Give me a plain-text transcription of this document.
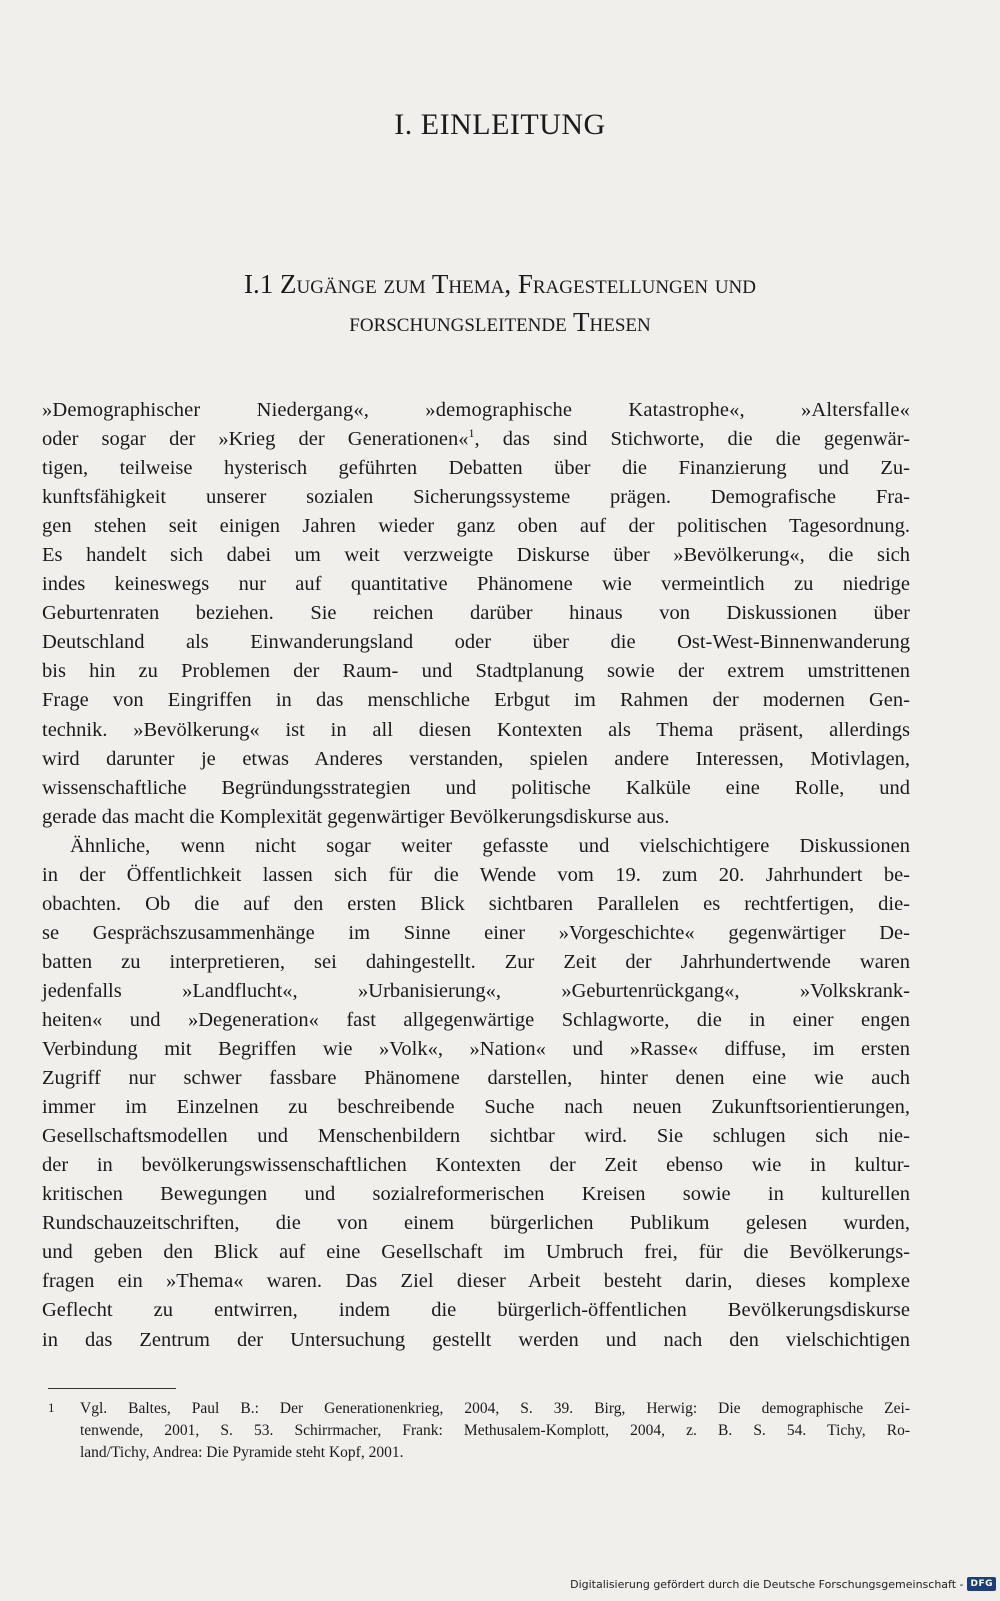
I. EINLEITUNG
I.1 Zugänge zum Thema, Fragestellungen und
forschungsleitende Thesen
»Demographischer Niedergang«, »demographische Katastrophe«, »Altersfalle«
oder sogar der »Krieg der Generationen«$^1$, das sind Stichworte, die die gegenwär-
tigen, teilweise hysterisch geführten Debatten über die Finanzierung und Zu-
kunftsfähigkeit unserer sozialen Sicherungssysteme prägen. Demografische Fra-
gen stehen seit einigen Jahren wieder ganz oben auf der politischen Tagesordnung.
Es handelt sich dabei um weit verzweigte Diskurse über »Bevölkerung«, die sich
indes keineswegs nur auf quantitative Phänomene wie vermeintlich zu niedrige
Geburtenraten beziehen. Sie reichen darüber hinaus von Diskussionen über
Deutschland als Einwanderungsland oder über die Ost-West-Binnenwanderung
bis hin zu Problemen der Raum- und Stadtplanung sowie der extrem umstrittenen
Frage von Eingriffen in das menschliche Erbgut im Rahmen der modernen Gen-
technik. »Bevölkerung« ist in all diesen Kontexten als Thema präsent, allerdings
wird darunter je etwas Anderes verstanden, spielen andere Interessen, Motivlagen,
wissenschaftliche Begründungsstrategien und politische Kalküle eine Rolle, und
gerade das macht die Komplexität gegenwärtiger Bevölkerungsdiskurse aus.
Ähnliche, wenn nicht sogar weiter gefasste und vielschichtigere Diskussionen
in der Öffentlichkeit lassen sich für die Wende vom 19. zum 20. Jahrhundert be-
obachten. Ob die auf den ersten Blick sichtbaren Parallelen es rechtfertigen, die-
se Gesprächszusammenhänge im Sinne einer »Vorgeschichte« gegenwärtiger De-
batten zu interpretieren, sei dahingestellt. Zur Zeit der Jahrhundertwende waren
jedenfalls »Landflucht«, »Urbanisierung«, »Geburtenrückgang«, »Volkskrank-
heiten« und »Degeneration« fast allgegenwärtige Schlagworte, die in einer engen
Verbindung mit Begriffen wie »Volk«, »Nation« und »Rasse« diffuse, im ersten
Zugriff nur schwer fassbare Phänomene darstellen, hinter denen eine wie auch
immer im Einzelnen zu beschreibende Suche nach neuen Zukunftsorientierungen,
Gesellschaftsmodellen und Menschenbildern sichtbar wird. Sie schlugen sich nie-
der in bevölkerungswissenschaftlichen Kontexten der Zeit ebenso wie in kultur-
kritischen Bewegungen und sozialreformerischen Kreisen sowie in kulturellen
Rundschauzeitschriften, die von einem bürgerlichen Publikum gelesen wurden,
und geben den Blick auf eine Gesellschaft im Umbruch frei, für die Bevölkerungs-
fragen ein »Thema« waren. Das Ziel dieser Arbeit besteht darin, dieses komplexe
Geflecht zu entwirren, indem die bürgerlich-öffentlichen Bevölkerungsdiskurse
in das Zentrum der Untersuchung gestellt werden und nach den vielschichtigen
1	Vgl. Baltes, Paul B.: Der Generationenkrieg, 2004, S. 39. Birg, Herwig: Die demographische Zei-
tenwende, 2001, S. 53. Schirrmacher, Frank: Methusalem-Komplott, 2004, z. B. S. 54. Tichy, Ro-
land/Tichy, Andrea: Die Pyramide steht Kopf, 2001.
Digitalisierung gefördert durch die Deutsche Forschungsgemeinschaft - DFG
